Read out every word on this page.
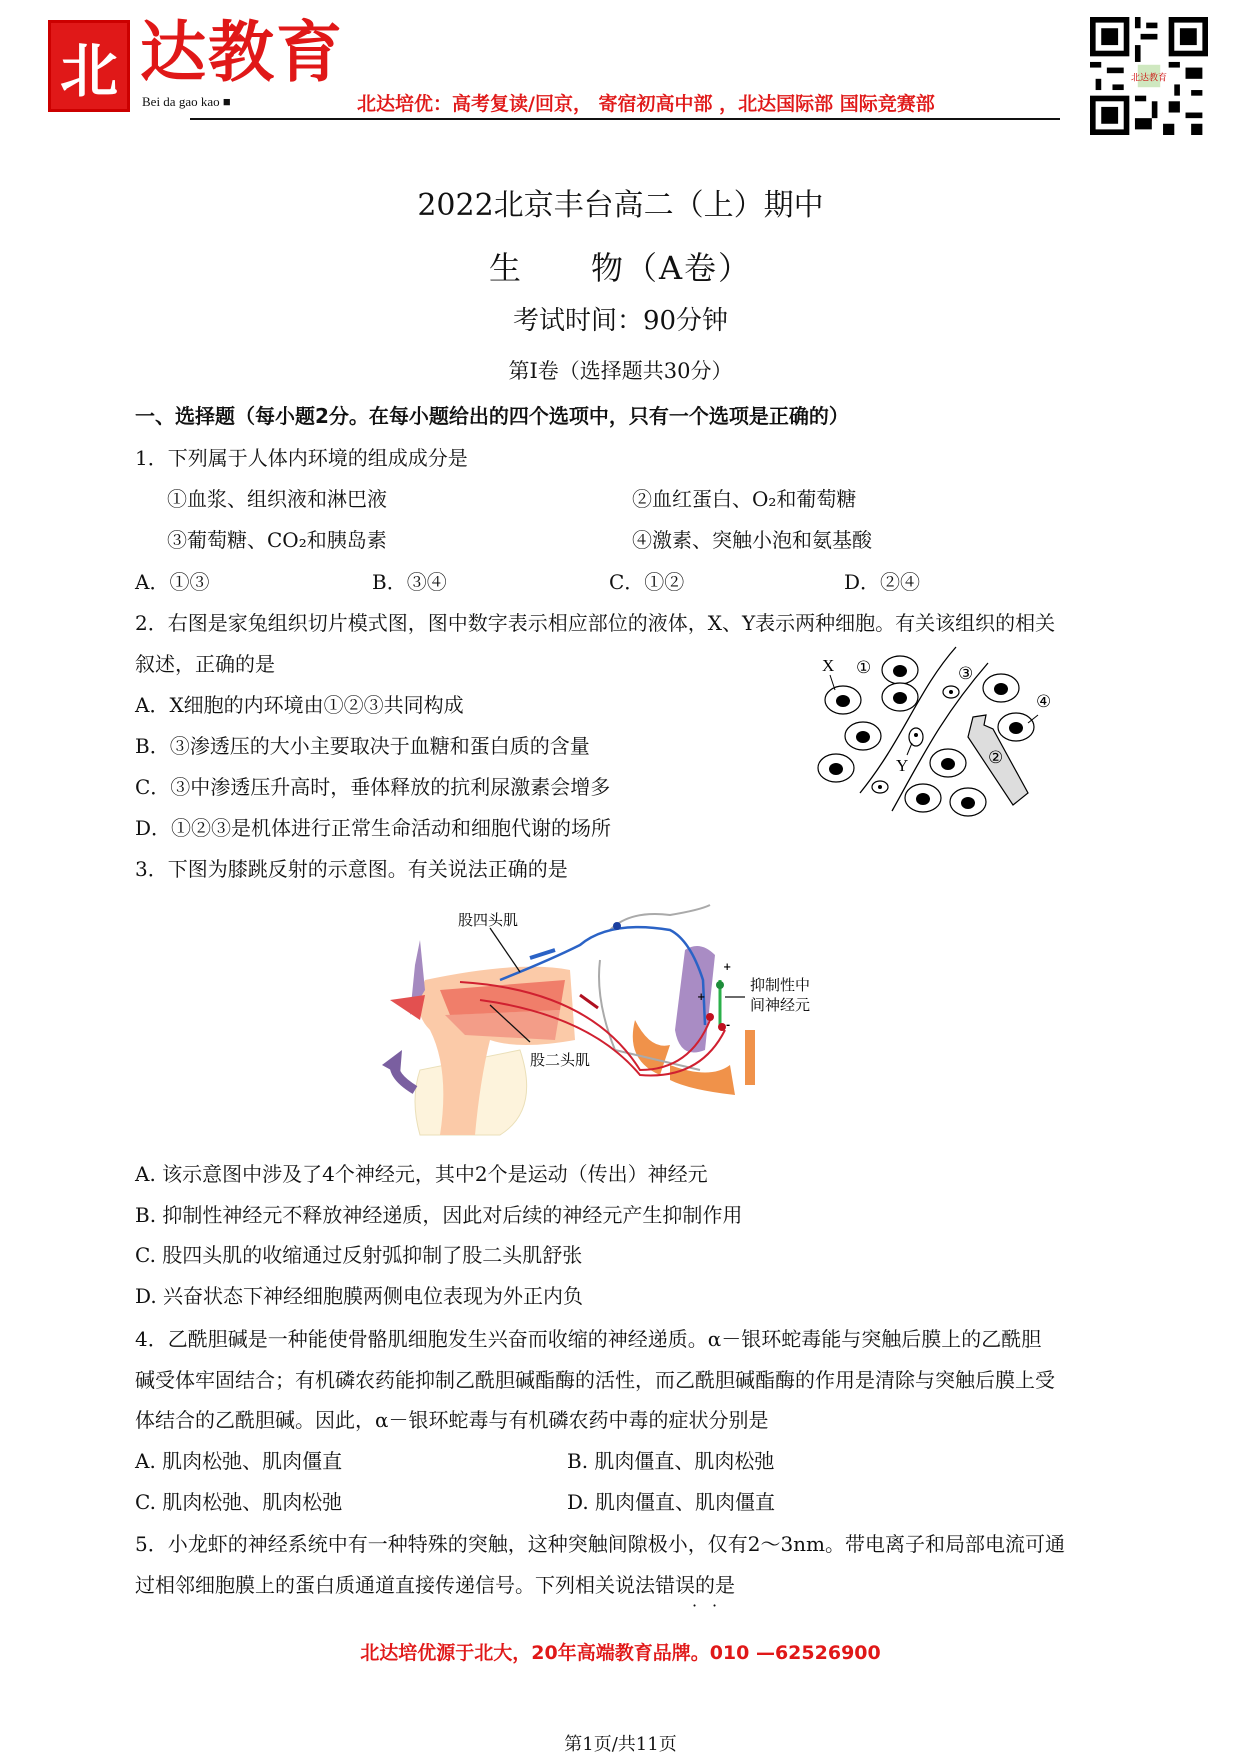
北 达教育
Bei da gao kao ■	北达培优：高考复读/回京， 寄宿初高中部 ，北达国际部 国际竞赛部
北达教育
2022北京丰台高二（上）期中
生　　物（A卷）
考试时间：90分钟
第I卷（选择题共30分）
一、选择题（每小题2分。在每小题给出的四个选项中，只有一个选项是正确的）
1．下列属于人体内环境的组成成分是
①血浆、组织液和淋巴液	②血红蛋白、O₂和葡萄糖
③葡萄糖、CO₂和胰岛素	④激素、突触小泡和氨基酸
A．①③	B．③④	C．①②	D．②④
2．右图是家兔组织切片模式图，图中数字表示相应部位的液体，X、Y表示两种细胞。有关该组织的相关
叙述，正确的是
A．X细胞的内环境由①②③共同构成
B．③渗透压的大小主要取决于血糖和蛋白质的含量
C．③中渗透压升高时，垂体释放的抗利尿激素会增多
D．①②③是机体进行正常生命活动和细胞代谢的场所
X ①	③
④
②
Y
3．下图为膝跳反射的示意图。有关说法正确的是
+
+
-
股四头肌
股二头肌
抑制性中
间神经元
A. 该示意图中涉及了4个神经元，其中2个是运动（传出）神经元
B. 抑制性神经元不释放神经递质，因此对后续的神经元产生抑制作用
C. 股四头肌的收缩通过反射弧抑制了股二头肌舒张
D. 兴奋状态下神经细胞膜两侧电位表现为外正内负
4．乙酰胆碱是一种能使骨骼肌细胞发生兴奋而收缩的神经递质。α－银环蛇毒能与突触后膜上的乙酰胆
碱受体牢固结合；有机磷农药能抑制乙酰胆碱酯酶的活性，而乙酰胆碱酯酶的作用是清除与突触后膜上受
体结合的乙酰胆碱。因此，α－银环蛇毒与有机磷农药中毒的症状分别是
A. 肌肉松弛、肌肉僵直	B. 肌肉僵直、肌肉松弛
C. 肌肉松弛、肌肉松弛	D. 肌肉僵直、肌肉僵直
5．小龙虾的神经系统中有一种特殊的突触，这种突触间隙极小，仅有2～3nm。带电离子和局部电流可通
过相邻细胞膜上的蛋白质通道直接传递信号。下列相关说法错误的是
· ·
北达培优源于北大，20年高端教育品牌。010 —62526900
第1页/共11页
